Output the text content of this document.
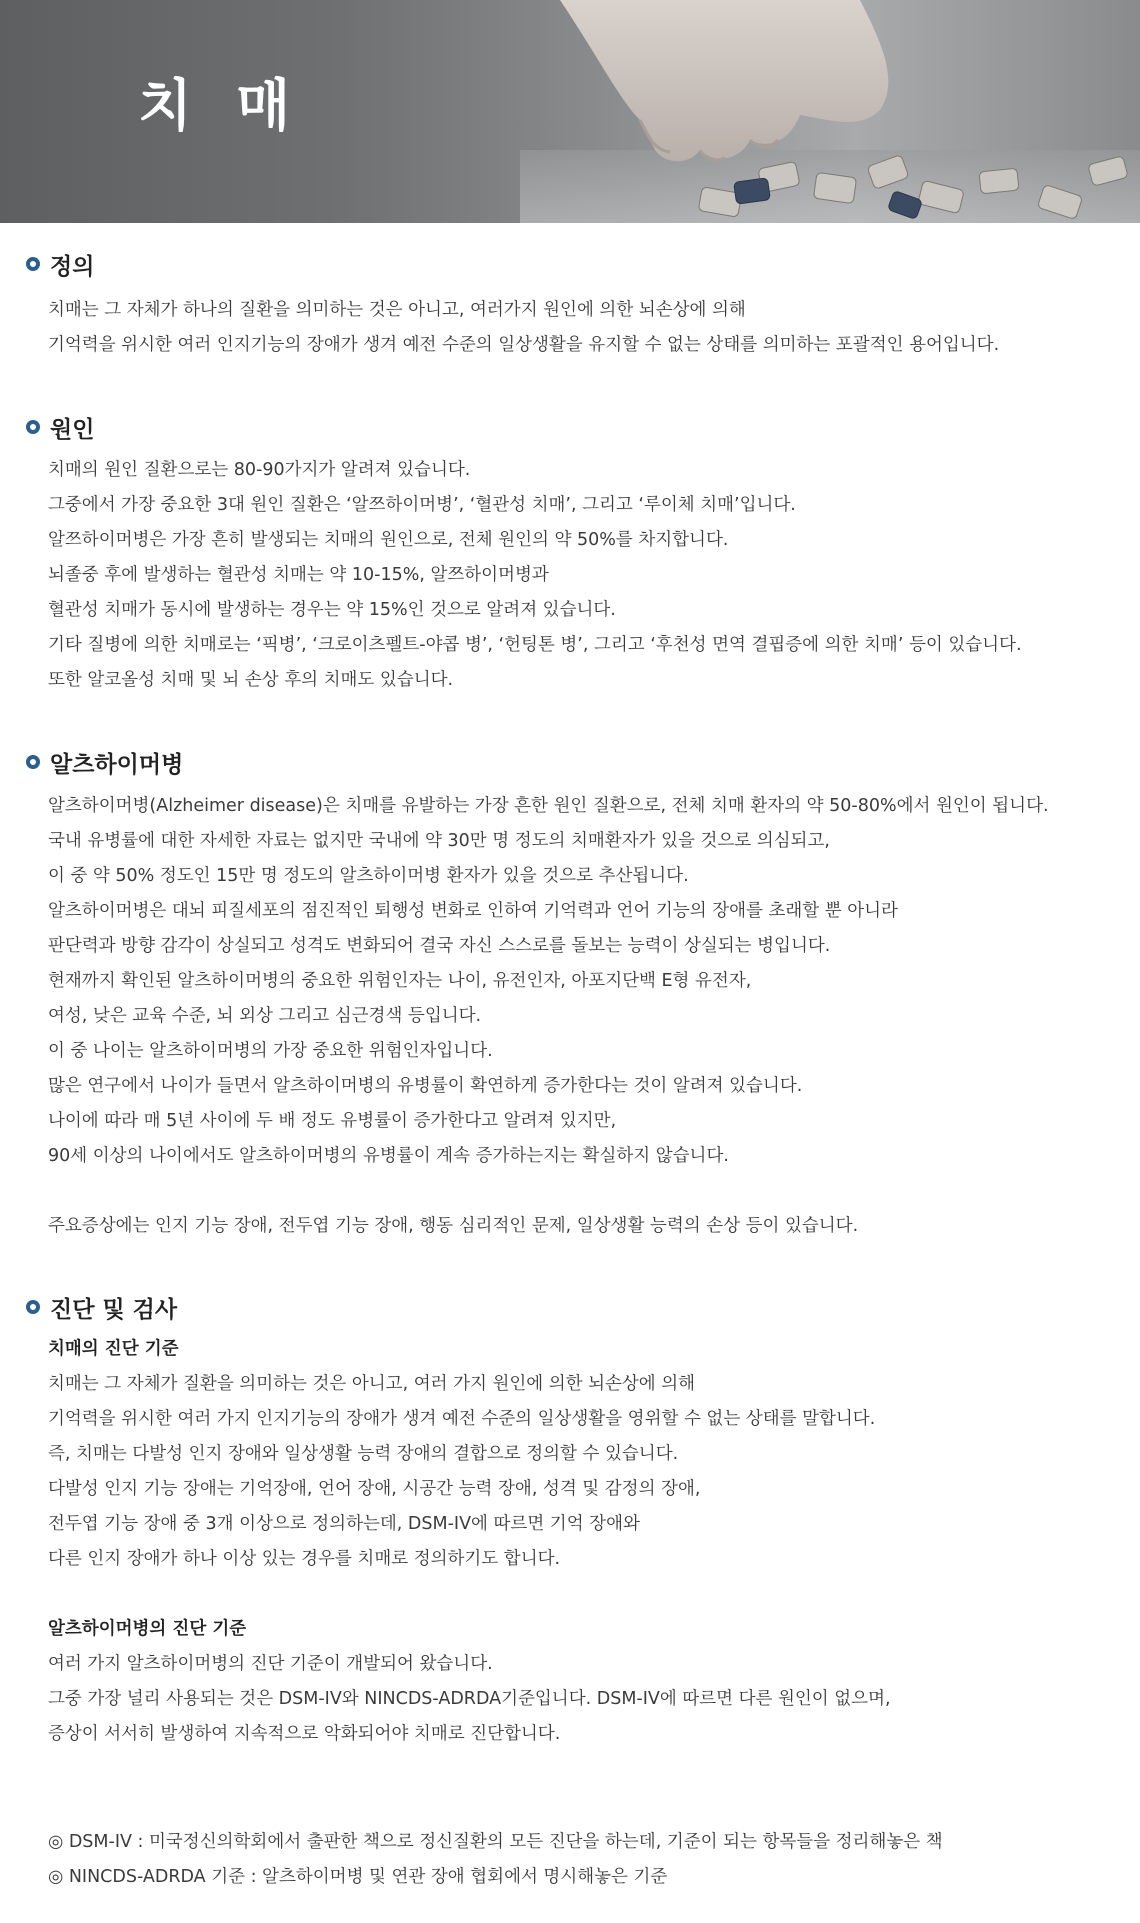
치매
정의
치매는 그 자체가 하나의 질환을 의미하는 것은 아니고, 여러가지 원인에 의한 뇌손상에 의해
기억력을 위시한 여러 인지기능의 장애가 생겨 예전 수준의 일상생활을 유지할 수 없는 상태를 의미하는 포괄적인 용어입니다.
원인
치매의 원인 질환으로는 80-90가지가 알려져 있습니다.
그중에서 가장 중요한 3대 원인 질환은 ‘알쯔하이머병’, ‘혈관성 치매’, 그리고 ‘루이체 치매’입니다.
알쯔하이머병은 가장 흔히 발생되는 치매의 원인으로, 전체 원인의 약 50%를 차지합니다.
뇌졸중 후에 발생하는 혈관성 치매는 약 10-15%, 알쯔하이머병과
혈관성 치매가 동시에 발생하는 경우는 약 15%인 것으로 알려져 있습니다.
기타 질병에 의한 치매로는 ‘픽병’, ‘크로이츠펠트-야콥 병’, ‘헌팅톤 병’, 그리고 ‘후천성 면역 결핍증에 의한 치매’ 등이 있습니다.
또한 알코올성 치매 및 뇌 손상 후의 치매도 있습니다.
알츠하이머병
알츠하이머병(Alzheimer disease)은 치매를 유발하는 가장 흔한 원인 질환으로, 전체 치매 환자의 약 50-80%에서 원인이 됩니다.
국내 유병률에 대한 자세한 자료는 없지만 국내에 약 30만 명 정도의 치매환자가 있을 것으로 의심되고,
이 중 약 50% 정도인 15만 명 정도의 알츠하이머병 환자가 있을 것으로 추산됩니다.
알츠하이머병은 대뇌 피질세포의 점진적인 퇴행성 변화로 인하여 기억력과 언어 기능의 장애를 초래할 뿐 아니라
판단력과 방향 감각이 상실되고 성격도 변화되어 결국 자신 스스로를 돌보는 능력이 상실되는 병입니다.
현재까지 확인된 알츠하이머병의 중요한 위험인자는 나이, 유전인자, 아포지단백 E형 유전자,
여성, 낮은 교육 수준, 뇌 외상 그리고 심근경색 등입니다.
이 중 나이는 알츠하이머병의 가장 중요한 위험인자입니다.
많은 연구에서 나이가 들면서 알츠하이머병의 유병률이 확연하게 증가한다는 것이 알려져 있습니다.
나이에 따라 매 5년 사이에 두 배 정도 유병률이 증가한다고 알려져 있지만,
90세 이상의 나이에서도 알츠하이머병의 유병률이 계속 증가하는지는 확실하지 않습니다.
주요증상에는 인지 기능 장애, 전두엽 기능 장애, 행동 심리적인 문제, 일상생활 능력의 손상 등이 있습니다.
진단 및 검사
치매의 진단 기준
치매는 그 자체가 질환을 의미하는 것은 아니고, 여러 가지 원인에 의한 뇌손상에 의해
기억력을 위시한 여러 가지 인지기능의 장애가 생겨 예전 수준의 일상생활을 영위할 수 없는 상태를 말합니다.
즉, 치매는 다발성 인지 장애와 일상생활 능력 장애의 결합으로 정의할 수 있습니다.
다발성 인지 기능 장애는 기억장애, 언어 장애, 시공간 능력 장애, 성격 및 감정의 장애,
전두엽 기능 장애 중 3개 이상으로 정의하는데, DSM-IV에 따르면 기억 장애와
다른 인지 장애가 하나 이상 있는 경우를 치매로 정의하기도 합니다.
알츠하이머병의 진단 기준
여러 가지 알츠하이머병의 진단 기준이 개발되어 왔습니다.
그중 가장 널리 사용되는 것은 DSM-IV와 NINCDS-ADRDA기준입니다. DSM-IV에 따르면 다른 원인이 없으며,
증상이 서서히 발생하여 지속적으로 악화되어야 치매로 진단합니다.
◎ DSM-IV : 미국정신의학회에서 출판한 책으로 정신질환의 모든 진단을 하는데, 기준이 되는 항목들을 정리해놓은 책
◎ NINCDS-ADRDA 기준 : 알츠하이머병 및 연관 장애 협회에서 명시해놓은 기준
